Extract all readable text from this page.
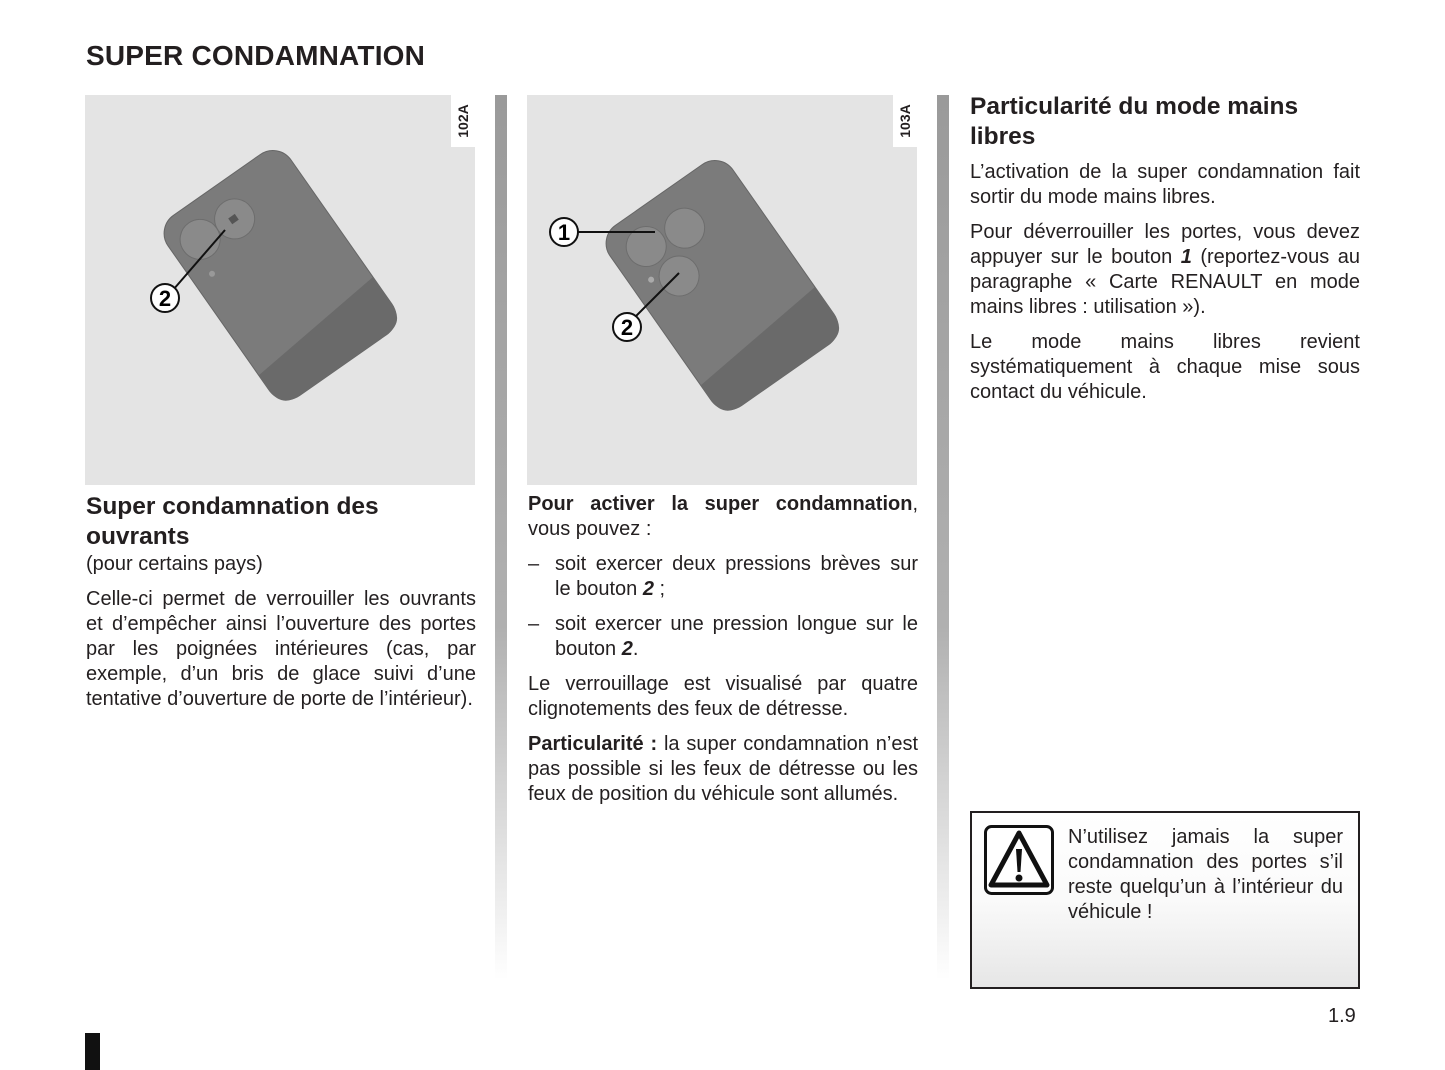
SUPER CONDAMNATION
2
102A
1
2
103A
Super condamnation des ouvrants
(pour certains pays)

Celle-ci permet de verrouiller les ouvrants et d’empêcher ainsi l’ouverture des portes par les poignées intérieures (cas, par exemple, d’un bris de glace suivi d’une tentative d’ouverture de porte de l’intérieur).

Pour activer la super condamnation, vous pouvez :

– soit exercer deux pressions brèves sur le bouton 2 ;
– soit exercer une pression longue sur le bouton 2.

Le verrouillage est visualisé par quatre clignotements des feux de détresse.

Particularité : la super condamnation n’est pas possible si les feux de détresse ou les feux de position du véhicule sont allumés.

Particularité du mode mains libres

L’activation de la super condamnation fait sortir du mode mains libres.

Pour déverrouiller les portes, vous devez appuyer sur le bouton 1 (reportez-vous au paragraphe « Carte RENAULT en mode mains libres : utilisation »).

Le mode mains libres revient systématiquement à chaque mise sous contact du véhicule.

N’utilisez jamais la super condamnation des portes s’il reste quelqu’un à l’intérieur du véhicule !
1.9
